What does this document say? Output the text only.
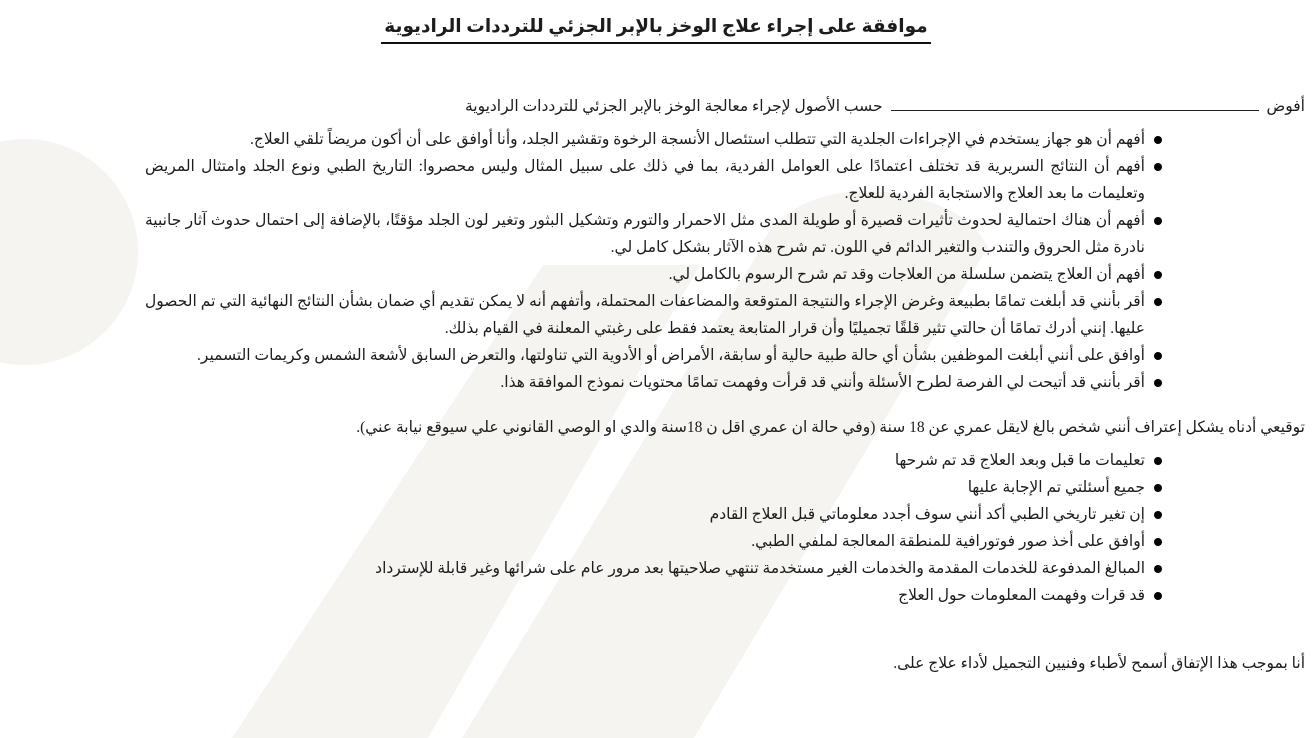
موافقة على إجراء علاج الوخز بالإبر الجزئي للترددات الراديوية
أفوضحسب الأصول لإجراء معالجة الوخز بالإبر الجزئي للترددات الراديوية
أفهم أن هو جهاز يستخدم في الإجراءات الجلدية التي تتطلب استئصال الأنسجة الرخوة وتقشير الجلد، وأنا أوافق على أن أكون مريضاً تلقي العلاج.
أفهم أن النتائج السريرية قد تختلف اعتمادًا على العوامل الفردية، بما في ذلك على سبيل المثال وليس محصروا: التاريخ الطبي ونوع الجلد وامتثال المريض وتعليمات ما بعد العلاج والاستجابة الفردية للعلاج.
أفهم أن هناك احتمالية لحدوث تأثيرات قصيرة أو طويلة المدى مثل الاحمرار والتورم وتشكيل البثور وتغير لون الجلد مؤقتًا، بالإضافة إلى احتمال حدوث آثار جانبية نادرة مثل الحروق والتندب والتغير الدائم في اللون. تم شرح هذه الآثار بشكل كامل لي.
أفهم أن العلاج يتضمن سلسلة من العلاجات وقد تم شرح الرسوم بالكامل لي.
أقر بأنني قد أبلغت تمامًا بطبيعة وغرض الإجراء والنتيجة المتوقعة والمضاعفات المحتملة، وأتفهم أنه لا يمكن تقديم أي ضمان بشأن النتائج النهائية التي تم الحصول عليها. إنني أدرك تمامًا أن حالتي تثير قلقًا تجميليًا وأن قرار المتابعة يعتمد فقط على رغبتي المعلنة في القيام بذلك.
أوافق على أنني أبلغت الموظفين بشأن أي حالة طبية حالية أو سابقة، الأمراض أو الأدوية التي تناولتها، والتعرض السابق لأشعة الشمس وكريمات التسمير.
أقر بأنني قد أتيحت لي الفرصة لطرح الأسئلة وأنني قد قرأت وفهمت تمامًا محتويات نموذج الموافقة هذا.
توقيعي أدناه يشكل إعتراف أنني شخص بالغ لايقل عمري عن 18 سنة (وفي حالة ان عمري اقل ن 18سنة والدي او الوصي القانوني علي سيوقع نيابة عني).
تعليمات ما قبل وبعد العلاج قد تم شرحها
جميع أسئلتي تم الإجابة عليها
إن تغير تاريخي الطبي أكد أنني سوف أجدد معلوماتي قبل العلاج القادم
أوافق على أخذ صور فوتورافية للمنطقة المعالجة لملفي الطبي.
المبالغ المدفوعة للخدمات المقدمة والخدمات الغير مستخدمة تنتهي صلاحيتها بعد مرور عام على شرائها وغير قابلة للإسترداد
قد قرات وفهمت المعلومات حول العلاج
أنا بموجب هذا الإتفاق أسمح لأطباء وفنيين التجميل لأداء علاج على.
